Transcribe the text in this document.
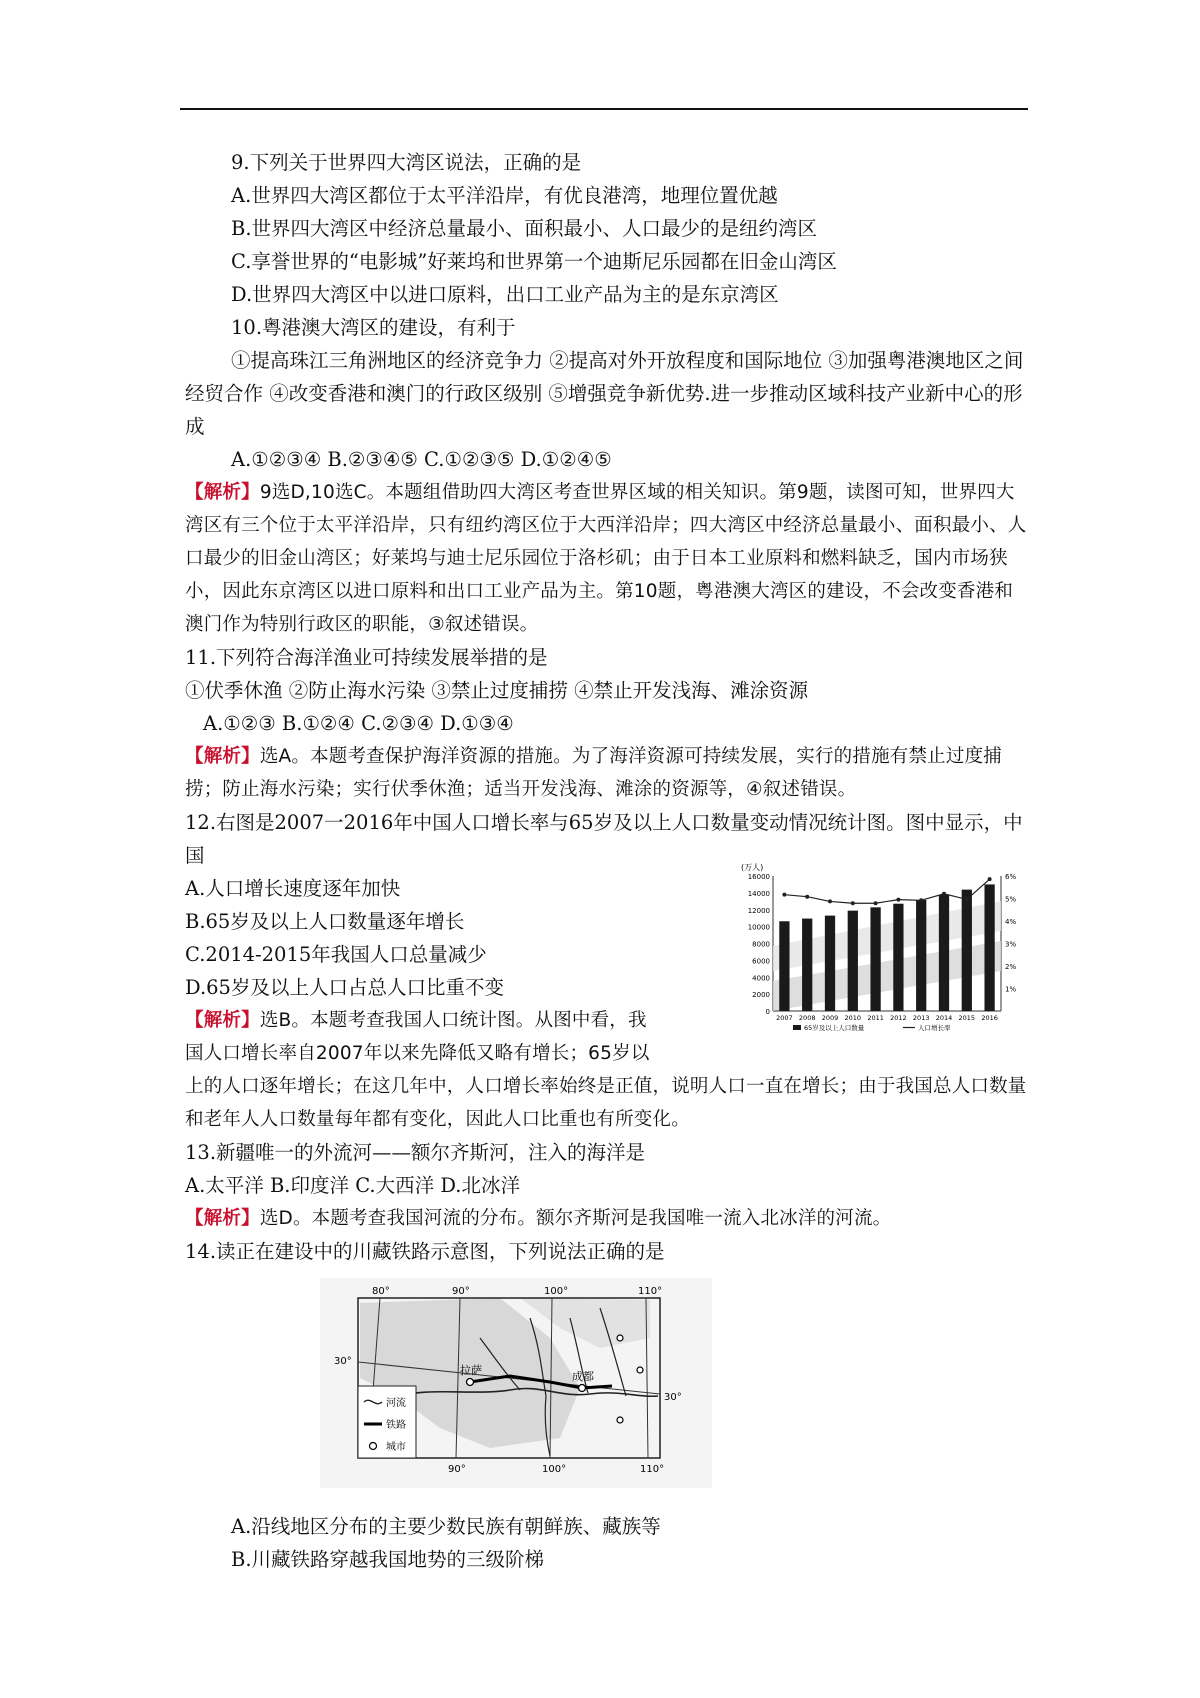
9.下列关于世界四大湾区说法，正确的是
A.世界四大湾区都位于太平洋沿岸，有优良港湾，地理位置优越
B.世界四大湾区中经济总量最小、面积最小、人口最少的是纽约湾区
C.享誉世界的“电影城”好莱坞和世界第一个迪斯尼乐园都在旧金山湾区
D.世界四大湾区中以进口原料，出口工业产品为主的是东京湾区
10.粤港澳大湾区的建设，有利于
①提高珠江三角洲地区的经济竞争力 ②提高对外开放程度和国际地位 ③加强粤港澳地区之间经贸合作 ④改变香港和澳门的行政区级别 ⑤增强竞争新优势.进一步推动区域科技产业新中心的形成
A.①②③④ B.②③④⑤ C.①②③⑤ D.①②④⑤
【解析】9选D,10选C。本题组借助四大湾区考查世界区域的相关知识。第9题，读图可知，世界四大湾区有三个位于太平洋沿岸，只有纽约湾区位于大西洋沿岸；四大湾区中经济总量最小、面积最小、人口最少的旧金山湾区；好莱坞与迪士尼乐园位于洛杉矶；由于日本工业原料和燃料缺乏，国内市场狭小，因此东京湾区以进口原料和出口工业产品为主。第10题，粤港澳大湾区的建设，不会改变香港和澳门作为特别行政区的职能，③叙述错误。
11.下列符合海洋渔业可持续发展举措的是
①伏季休渔 ②防止海水污染 ③禁止过度捕捞 ④禁止开发浅海、滩涂资源
A.①②③ B.①②④ C.②③④ D.①③④
【解析】选A。本题考查保护海洋资源的措施。为了海洋资源可持续发展，实行的措施有禁止过度捕捞；防止海水污染；实行伏季休渔；适当开发浅海、滩涂的资源等，④叙述错误。
12.右图是2007一2016年中国人口增长率与65岁及以上人口数量变动情况统计图。图中显示，中国
A.人口增长速度逐年加快
B.65岁及以上人口数量逐年增长
C.2014-2015年我国人口总量减少
D.65岁及以上人口占总人口比重不变
【解析】选B。本题考查我国人口统计图。从图中看，我国人口增长率自2007年以来先降低又略有增长；65岁以
上的人口逐年增长；在这几年中，人口增长率始终是正值，说明人口一直在增长；由于我国总人口数量和老年人人口数量每年都有变化，因此人口比重也有所变化。
(万人)
0
2000
4000
6000
8000
10000
12000
14000
16000
1%
2%
3%
4%
5%
6%
2007 2008 2009 2010 2011 2012 2013 2014 2015 2016
65岁及以上人口数量	人口增长率
13.新疆唯一的外流河——额尔齐斯河，注入的海洋是
A.太平洋 B.印度洋 C.大西洋 D.北冰洋
【解析】选D。本题考查我国河流的分布。额尔齐斯河是我国唯一流入北冰洋的河流。
14.读正在建设中的川藏铁路示意图，下列说法正确的是
拉萨	成都
80°	90°	100°	110°
90°	100°	110°
30°
30°
河流
铁路
城市
A.沿线地区分布的主要少数民族有朝鲜族、藏族等
B.川藏铁路穿越我国地势的三级阶梯
